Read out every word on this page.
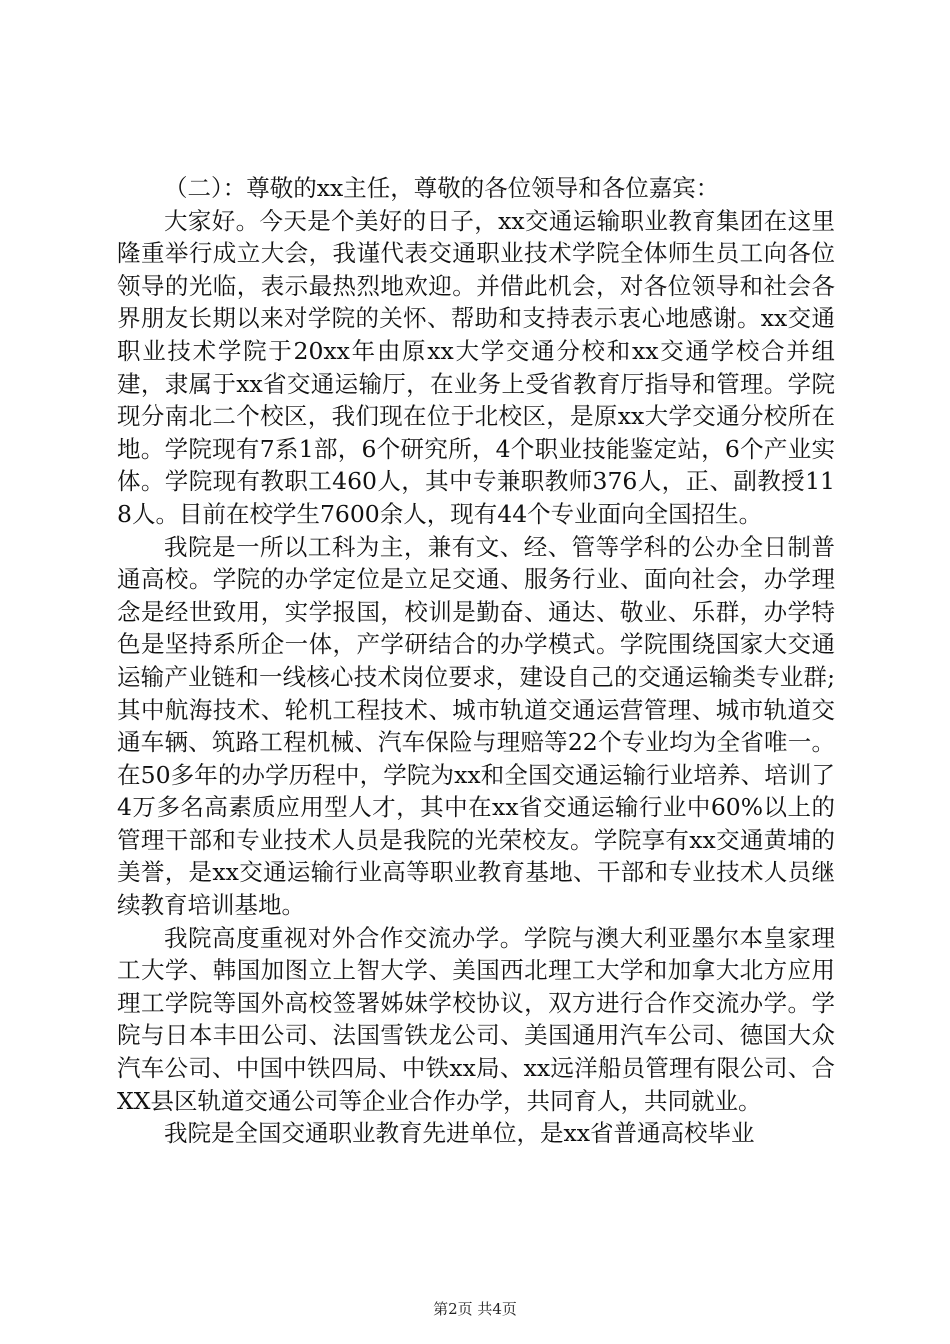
（二）：尊敬的xx主任，尊敬的各位领导和各位嘉宾：

大家好。今天是个美好的日子，xx交通运输职业教育集团在这里隆重举行成立大会，我谨代表交通职业技术学院全体师生员工向各位领导的光临，表示最热烈地欢迎。并借此机会，对各位领导和社会各界朋友长期以来对学院的关怀、帮助和支持表示衷心地感谢。xx交通职业技术学院于20xx年由原xx大学交通分校和xx交通学校合并组建，隶属于xx省交通运输厅，在业务上受省教育厅指导和管理。学院现分南北二个校区，我们现在位于北校区，是原xx大学交通分校所在地。学院现有7系1部，6个研究所，4个职业技能鉴定站，6个产业实体。学院现有教职工460人，其中专兼职教师376人，正、副教授118人。目前在校学生7600余人，现有44个专业面向全国招生。

我院是一所以工科为主，兼有文、经、管等学科的公办全日制普通高校。学院的办学定位是立足交通、服务行业、面向社会，办学理念是经世致用，实学报国，校训是勤奋、通达、敬业、乐群，办学特色是坚持系所企一体，产学研结合的办学模式。学院围绕国家大交通运输产业链和一线核心技术岗位要求，建设自己的交通运输类专业群;其中航海技术、轮机工程技术、城市轨道交通运营管理、城市轨道交通车辆、筑路工程机械、汽车保险与理赔等22个专业均为全省唯一。在50多年的办学历程中，学院为xx和全国交通运输行业培养、培训了4万多名高素质应用型人才，其中在xx省交通运输行业中60%以上的管理干部和专业技术人员是我院的光荣校友。学院享有xx交通黄埔的美誉，是xx交通运输行业高等职业教育基地、干部和专业技术人员继续教育培训基地。

我院高度重视对外合作交流办学。学院与澳大利亚墨尔本皇家理工大学、韩国加图立上智大学、美国西北理工大学和加拿大北方应用理工学院等国外高校签署姊妹学校协议，双方进行合作交流办学。学院与日本丰田公司、法国雪铁龙公司、美国通用汽车公司、德国大众汽车公司、中国中铁四局、中铁xx局、xx远洋船员管理有限公司、合XX县区轨道交通公司等企业合作办学，共同育人，共同就业。

我院是全国交通职业教育先进单位，是xx省普通高校毕业

第2页 共4页
